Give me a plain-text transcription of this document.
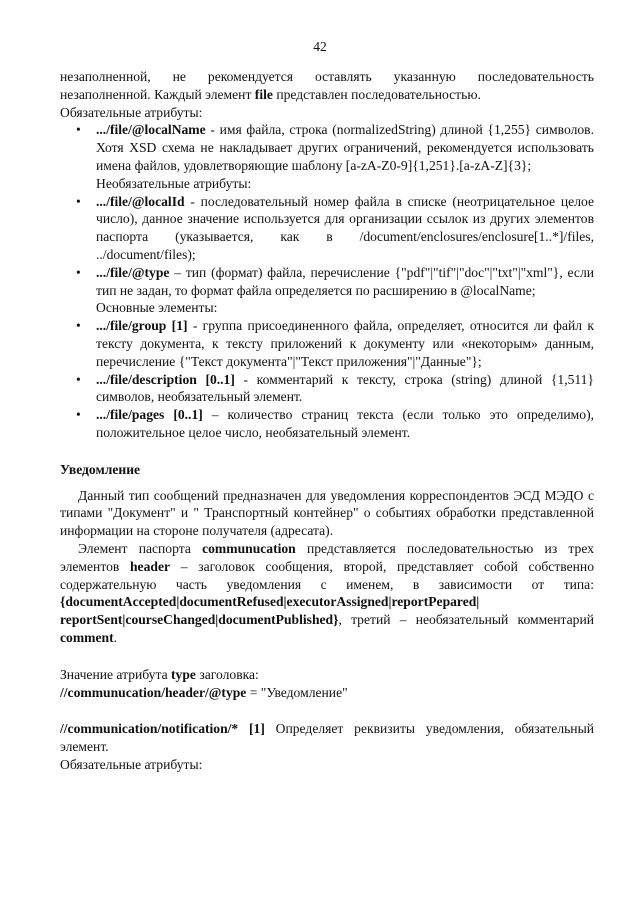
42

незаполненной, не рекомендуется оставлять указанную последовательность незаполненной. Каждый элемент file представлен последовательностью.

Обязательные атрибуты:

• .../file/@localName - имя файла, строка (normalizedString) длиной {1,255} символов. Хотя XSD схема не накладывает других ограничений, рекомендуется использовать имена файлов, удовлетворяющие шаблону [a-zA-Z0-9]{1,251}.[a-zA-Z]{3};

Необязательные атрибуты:

• .../file/@localId - последовательный номер файла в списке (неотрицательное целое число), данное значение используется для организации ссылок из других элементов паспорта (указывается, как в /document/enclosures/enclosure[1..*]/files, ../document/files);
• .../file/@type – тип (формат) файла, перечисление {"pdf"|"tif"|"doc"|"txt"|"xml"}, если тип не задан, то формат файла определяется по расширению в @localName;

Основные элементы:

• .../file/group [1] - группа присоединенного файла, определяет, относится ли файл к тексту документа, к тексту приложений к документу или «некоторым» данным, перечисление {"Текст документа"|"Текст приложения"|"Данные"};
• .../file/description [0..1] - комментарий к тексту, строка (string) длиной {1,511} символов, необязательный элемент.
• .../file/pages [0..1] – количество страниц текста (если только это определимо), положительное целое число, необязательный элемент.

Уведомление

Данный тип сообщений предназначен для уведомления корреспондентов ЭСД МЭДО с типами "Документ" и " Транспортный контейнер" о событиях обработки представленной информации на стороне получателя (адресата).

Элемент паспорта communucation представляется последовательностью из трех элементов header – заголовок сообщения, второй, представляет собой собственно содержательную часть уведомления с именем, в зависимости от типа: {documentAccepted|documentRefused|executorAssigned|reportPepared| reportSent|courseChanged|documentPublished}, третий – необязательный комментарий comment.

Значение атрибута type заголовка:

//communucation/header/@type = "Уведомление"

//communication/notification/* [1] Определяет реквизиты уведомления, обязательный элемент.

Обязательные атрибуты:
